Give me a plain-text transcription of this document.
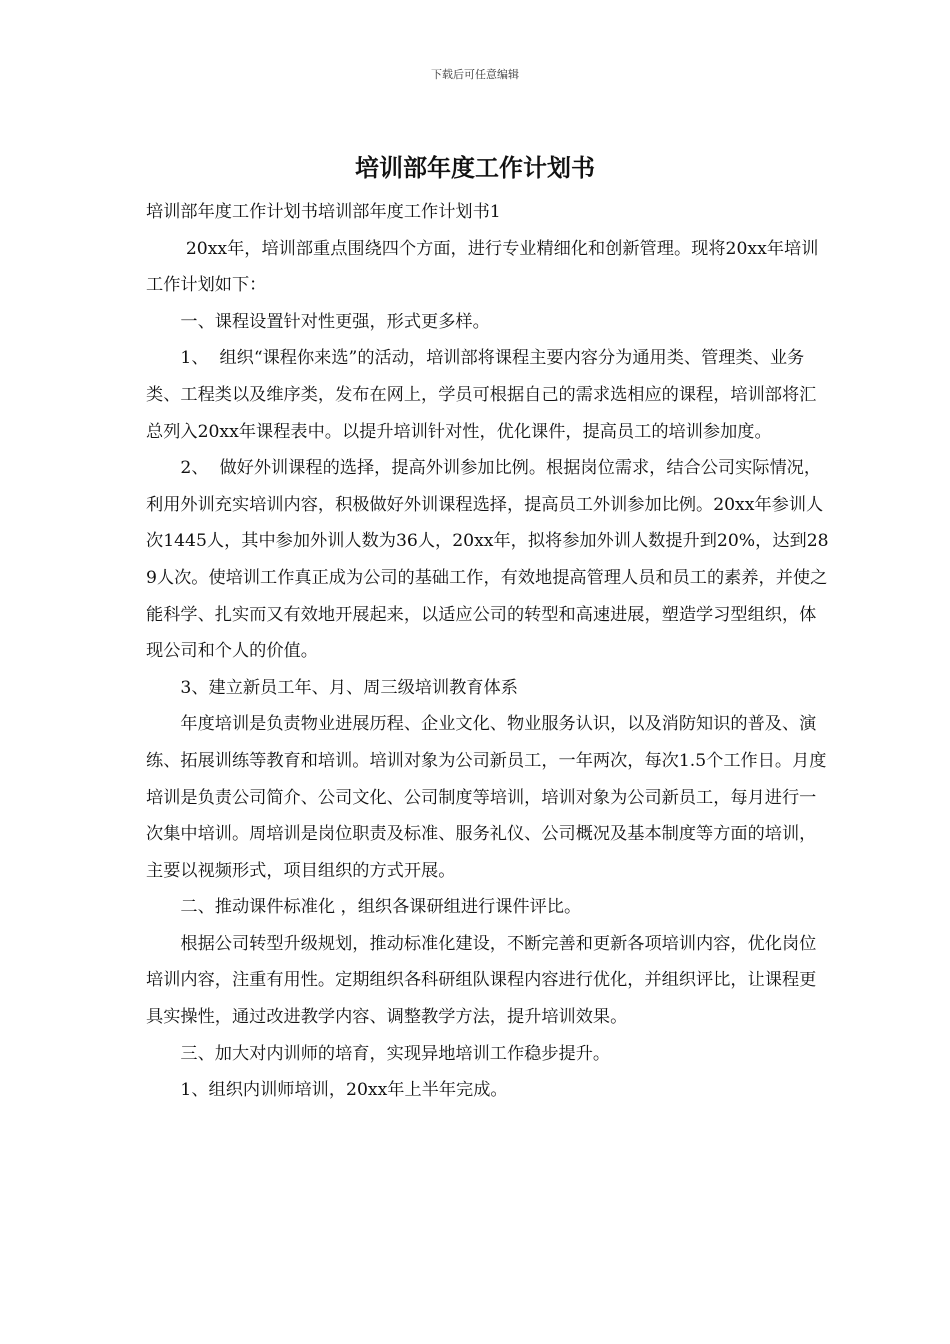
下载后可任意编辑
培训部年度工作计划书

培训部年度工作计划书培训部年度工作计划书1

20xx年，培训部重点围绕四个方面，进行专业精细化和创新管理。现将20xx年培训工作计划如下：

一、课程设置针对性更强，形式更多样。

1、  组织“课程你来选”的活动，培训部将课程主要内容分为通用类、管理类、业务类、工程类以及维序类，发布在网上，学员可根据自己的需求选相应的课程，培训部将汇总列入20xx年课程表中。以提升培训针对性，优化课件，提高员工的培训参加度。

2、  做好外训课程的选择，提高外训参加比例。根据岗位需求，结合公司实际情况，利用外训充实培训内容，积极做好外训课程选择，提高员工外训参加比例。20xx年参训人次1445人，其中参加外训人数为36人，20xx年，拟将参加外训人数提升到20%，达到289人次。使培训工作真正成为公司的基础工作，有效地提高管理人员和员工的素养，并使之能科学、扎实而又有效地开展起来，以适应公司的转型和高速进展，塑造学习型组织，体现公司和个人的价值。

3、建立新员工年、月、周三级培训教育体系

年度培训是负责物业进展历程、企业文化、物业服务认识，以及消防知识的普及、演练、拓展训练等教育和培训。培训对象为公司新员工，一年两次，每次1.5个工作日。月度培训是负责公司简介、公司文化、公司制度等培训，培训对象为公司新员工，每月进行一次集中培训。周培训是岗位职责及标准、服务礼仪、公司概况及基本制度等方面的培训，主要以视频形式，项目组织的方式开展。

二、推动课件标准化 ，组织各课研组进行课件评比。

根据公司转型升级规划，推动标准化建设，不断完善和更新各项培训内容，优化岗位培训内容，注重有用性。定期组织各科研组队课程内容进行优化，并组织评比，让课程更具实操性，通过改进教学内容、调整教学方法，提升培训效果。

三、加大对内训师的培育，实现异地培训工作稳步提升。

1、组织内训师培训，20xx年上半年完成。
